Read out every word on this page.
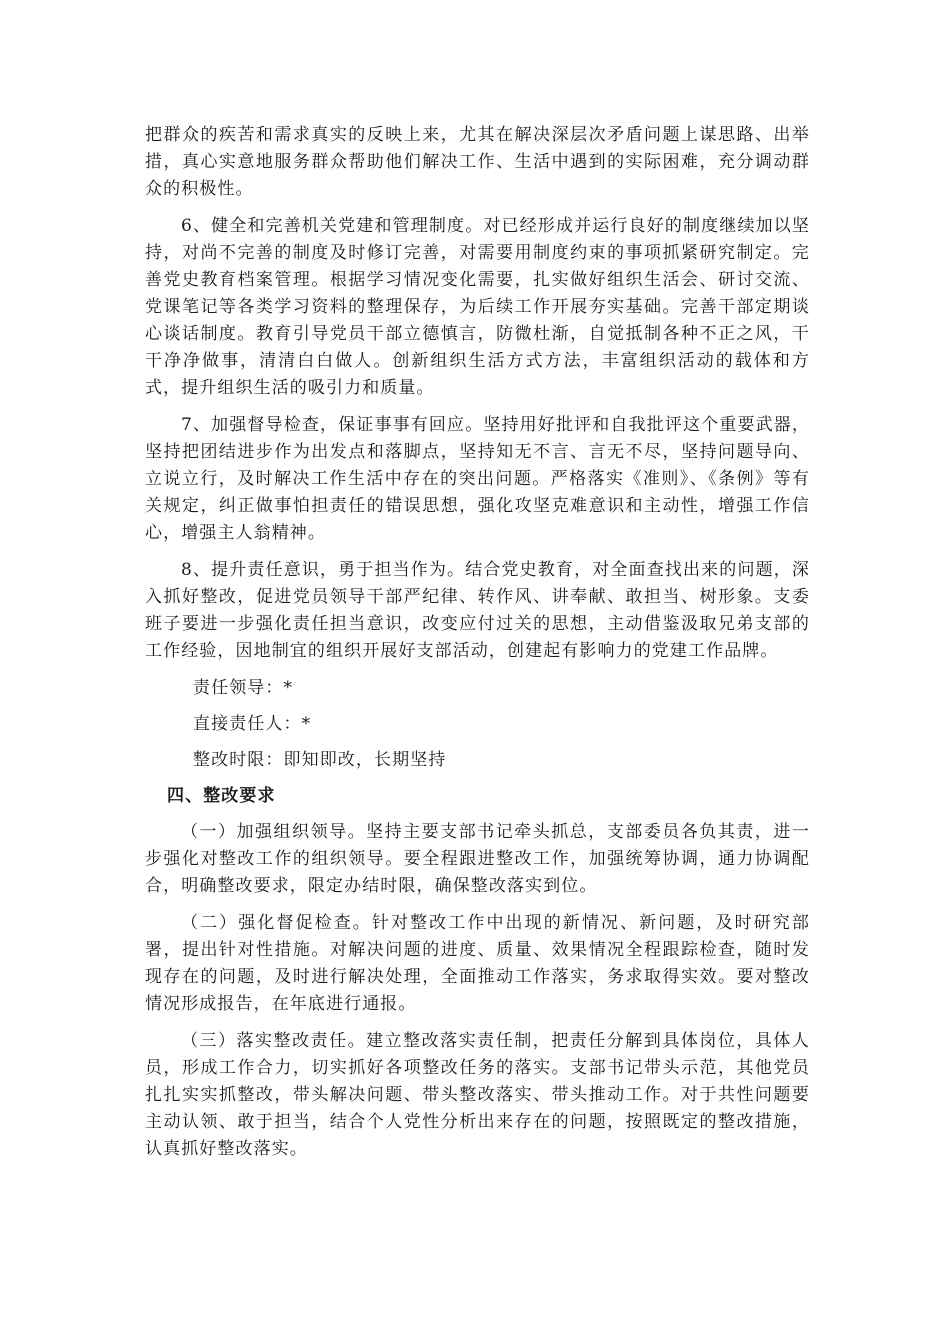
把群众的疾苦和需求真实的反映上来，尤其在解决深层次矛盾问题上谋思路、出举措，真心实意地服务群众帮助他们解决工作、生活中遇到的实际困难，充分调动群众的积极性。

6、健全和完善机关党建和管理制度。对已经形成并运行良好的制度继续加以坚持，对尚不完善的制度及时修订完善，对需要用制度约束的事项抓紧研究制定。完善党史教育档案管理。根据学习情况变化需要，扎实做好组织生活会、研讨交流、党课笔记等各类学习资料的整理保存，为后续工作开展夯实基础。完善干部定期谈心谈话制度。教育引导党员干部立德慎言，防微杜渐，自觉抵制各种不正之风，干干净净做事，清清白白做人。创新组织生活方式方法，丰富组织活动的载体和方式，提升组织生活的吸引力和质量。

7、加强督导检查，保证事事有回应。坚持用好批评和自我批评这个重要武器，坚持把团结进步作为出发点和落脚点，坚持知无不言、言无不尽，坚持问题导向、立说立行，及时解决工作生活中存在的突出问题。严格落实《准则》、《条例》等有关规定，纠正做事怕担责任的错误思想，强化攻坚克难意识和主动性，增强工作信心，增强主人翁精神。

8、提升责任意识，勇于担当作为。结合党史教育，对全面查找出来的问题，深入抓好整改，促进党员领导干部严纪律、转作风、讲奉献、敢担当、树形象。支委班子要进一步强化责任担当意识，改变应付过关的思想，主动借鉴汲取兄弟支部的工作经验，因地制宜的组织开展好支部活动，创建起有影响力的党建工作品牌。

责任领导：*
直接责任人：*
整改时限：即知即改，长期坚持
四、整改要求

（一）加强组织领导。坚持主要支部书记牵头抓总，支部委员各负其责，进一步强化对整改工作的组织领导。要全程跟进整改工作，加强统筹协调，通力协调配合，明确整改要求，限定办结时限，确保整改落实到位。

（二）强化督促检查。针对整改工作中出现的新情况、新问题，及时研究部署，提出针对性措施。对解决问题的进度、质量、效果情况全程跟踪检查，随时发现存在的问题，及时进行解决处理，全面推动工作落实，务求取得实效。要对整改情况形成报告，在年底进行通报。

（三）落实整改责任。建立整改落实责任制，把责任分解到具体岗位，具体人员，形成工作合力，切实抓好各项整改任务的落实。支部书记带头示范，其他党员扎扎实实抓整改，带头解决问题、带头整改落实、带头推动工作。对于共性问题要主动认领、敢于担当，结合个人党性分析出来存在的问题，按照既定的整改措施，认真抓好整改落实。
